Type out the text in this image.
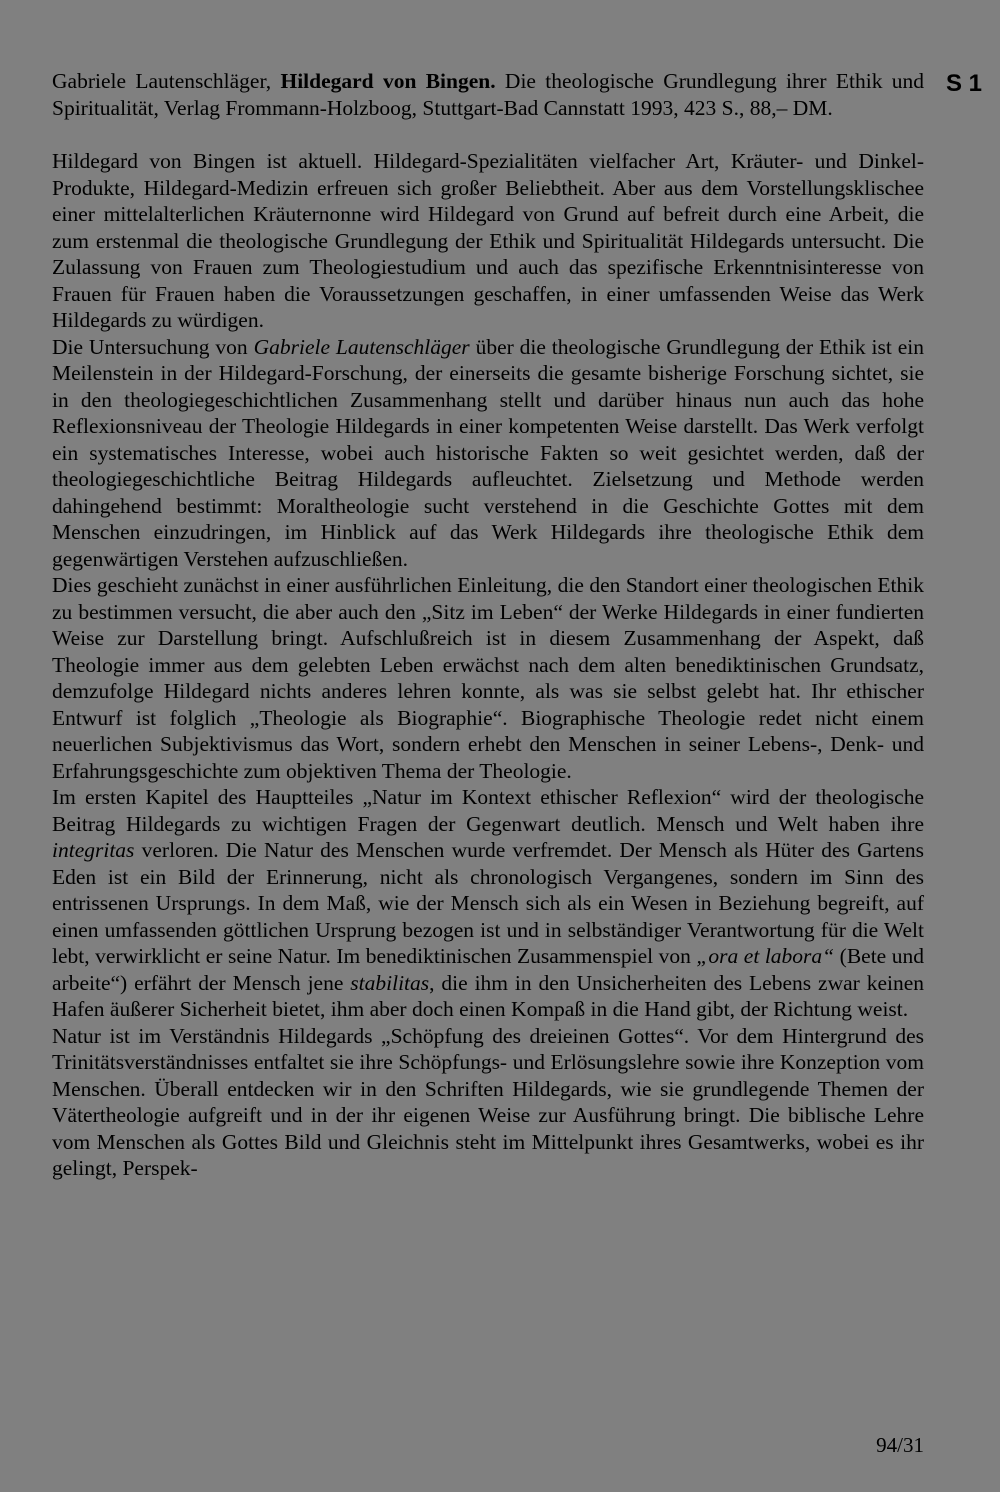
S 1

Gabriele Lautenschläger, Hildegard von Bingen. Die theologische Grundlegung ihrer Ethik und Spiritualität, Verlag Frommann-Holzboog, Stuttgart-Bad Cannstatt 1993, 423 S., 88,– DM.

Hildegard von Bingen ist aktuell. Hildegard-Spezialitäten vielfacher Art, Kräuter- und Dinkel-Produkte, Hildegard-Medizin erfreuen sich großer Beliebtheit. Aber aus dem Vorstellungsklischee einer mittelalterlichen Kräuternonne wird Hildegard von Grund auf befreit durch eine Arbeit, die zum erstenmal die theologische Grundlegung der Ethik und Spiritualität Hildegards untersucht. Die Zulassung von Frauen zum Theologiestudium und auch das spezifische Erkenntnisinteresse von Frauen für Frauen haben die Voraussetzungen geschaffen, in einer umfassenden Weise das Werk Hildegards zu würdigen.

Die Untersuchung von Gabriele Lautenschläger über die theologische Grundlegung der Ethik ist ein Meilenstein in der Hildegard-Forschung, der einerseits die gesamte bisherige Forschung sichtet, sie in den theologiegeschichtlichen Zusammenhang stellt und darüber hinaus nun auch das hohe Reflexionsniveau der Theologie Hildegards in einer kompetenten Weise darstellt. Das Werk verfolgt ein systematisches Interesse, wobei auch historische Fakten so weit gesichtet werden, daß der theologiegeschichtliche Beitrag Hildegards aufleuchtet. Zielsetzung und Methode werden dahingehend bestimmt: Moraltheologie sucht verstehend in die Geschichte Gottes mit dem Menschen einzudringen, im Hinblick auf das Werk Hildegards ihre theologische Ethik dem gegenwärtigen Verstehen aufzuschließen.

Dies geschieht zunächst in einer ausführlichen Einleitung, die den Standort einer theologischen Ethik zu bestimmen versucht, die aber auch den „Sitz im Leben“ der Werke Hildegards in einer fundierten Weise zur Darstellung bringt. Aufschlußreich ist in diesem Zusammenhang der Aspekt, daß Theologie immer aus dem gelebten Leben erwächst nach dem alten benediktinischen Grundsatz, demzufolge Hildegard nichts anderes lehren konnte, als was sie selbst gelebt hat. Ihr ethischer Entwurf ist folglich „Theologie als Biographie“. Biographische Theologie redet nicht einem neuerlichen Subjektivismus das Wort, sondern erhebt den Menschen in seiner Lebens-, Denk- und Erfahrungsgeschichte zum objektiven Thema der Theologie.

Im ersten Kapitel des Hauptteiles „Natur im Kontext ethischer Reflexion“ wird der theologische Beitrag Hildegards zu wichtigen Fragen der Gegenwart deutlich. Mensch und Welt haben ihre integritas verloren. Die Natur des Menschen wurde verfremdet. Der Mensch als Hüter des Gartens Eden ist ein Bild der Erinnerung, nicht als chronologisch Vergangenes, sondern im Sinn des entrissenen Ursprungs. In dem Maß, wie der Mensch sich als ein Wesen in Beziehung begreift, auf einen umfassenden göttlichen Ursprung bezogen ist und in selbständiger Verantwortung für die Welt lebt, verwirklicht er seine Natur. Im benediktinischen Zusammenspiel von „ora et labora“ (Bete und arbeite“) erfährt der Mensch jene stabilitas, die ihm in den Unsicherheiten des Lebens zwar keinen Hafen äußerer Sicherheit bietet, ihm aber doch einen Kompaß in die Hand gibt, der Richtung weist.

Natur ist im Verständnis Hildegards „Schöpfung des dreieinen Gottes“. Vor dem Hintergrund des Trinitätsverständnisses entfaltet sie ihre Schöpfungs- und Erlösungslehre sowie ihre Konzeption vom Menschen. Überall entdecken wir in den Schriften Hildegards, wie sie grundlegende Themen der Vätertheologie aufgreift und in der ihr eigenen Weise zur Ausführung bringt. Die biblische Lehre vom Menschen als Gottes Bild und Gleichnis steht im Mittelpunkt ihres Gesamtwerks, wobei es ihr gelingt, Perspek-

94/31
